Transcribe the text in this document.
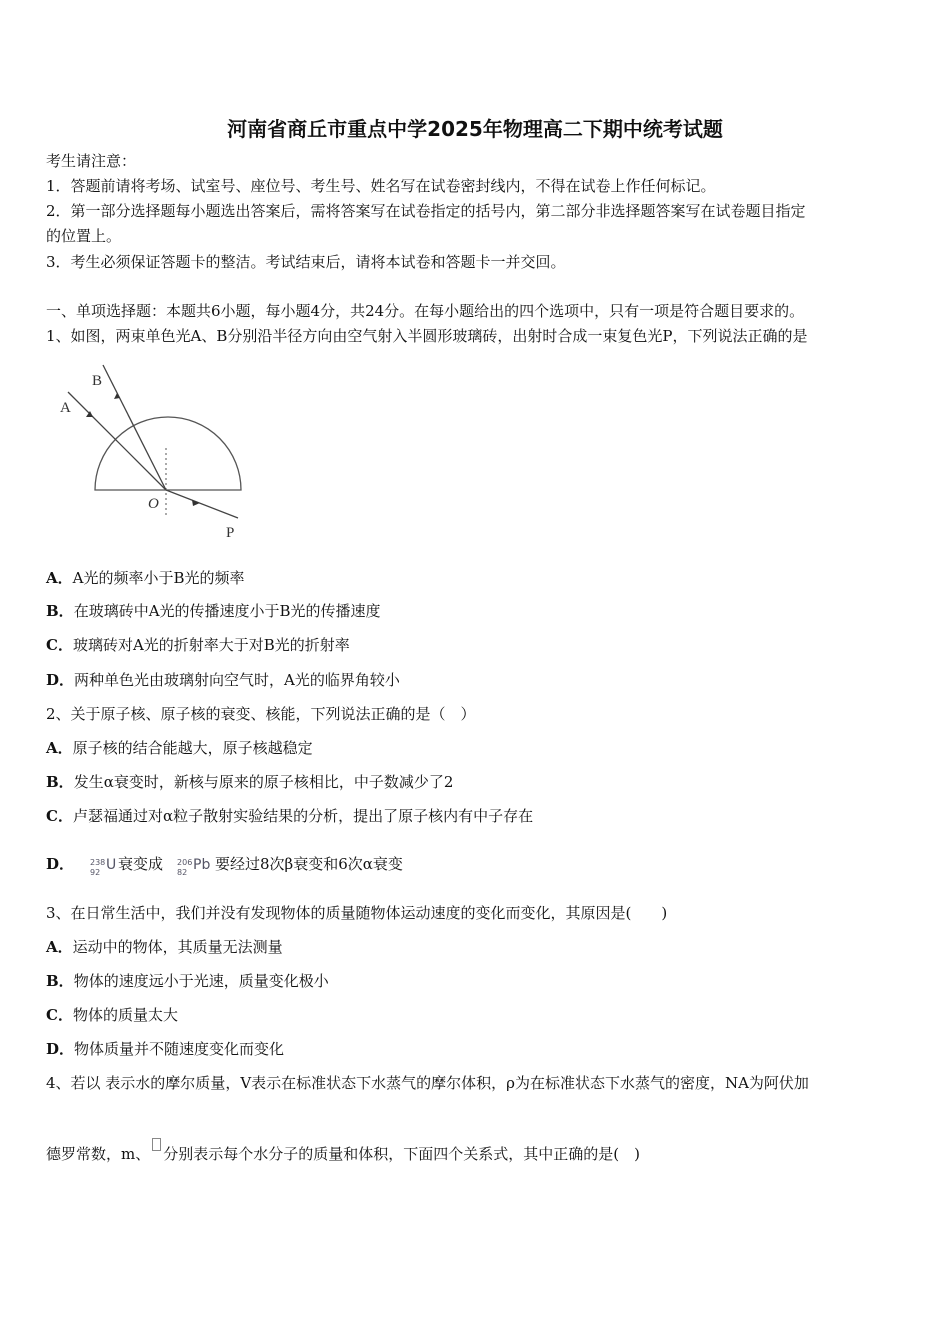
河南省商丘市重点中学2025年物理高二下期中统考试题
考生请注意：
1．答题前请将考场、试室号、座位号、考生号、姓名写在试卷密封线内，不得在试卷上作任何标记。
2．第一部分选择题每小题选出答案后，需将答案写在试卷指定的括号内，第二部分非选择题答案写在试卷题目指定
的位置上。
3．考生必须保证答题卡的整洁。考试结束后，请将本试卷和答题卡一并交回。
一、单项选择题：本题共6小题，每小题4分，共24分。在每小题给出的四个选项中，只有一项是符合题目要求的。
1、如图，两束单色光A、B分别沿半径方向由空气射入半圆形玻璃砖，出射时合成一束复色光P，下列说法正确的是
A
B
O
P
A．A光的频率小于B光的频率
B．在玻璃砖中A光的传播速度小于B光的传播速度
C．玻璃砖对A光的折射率大于对B光的折射率
D．两种单色光由玻璃射向空气时，A光的临界角较小
2、关于原子核、原子核的衰变、核能，下列说法正确的是（　）
A．原子核的结合能越大，原子核越稳定
B．发生α衰变时，新核与原来的原子核相比，中子数减少了2
C．卢瑟福通过对α粒子散射实验结果的分析，提出了原子核内有中子存在
D． 238
92 U 衰变成 206
82 Pb 要经过8次β衰变和6次α衰变
3、在日常生活中，我们并没有发现物体的质量随物体运动速度的变化而变化，其原因是(　　)
A．运动中的物体，其质量无法测量
B．物体的速度远小于光速，质量变化极小
C．物体的质量太大
D．物体质量并不随速度变化而变化
4、若以 表示水的摩尔质量，V表示在标准状态下水蒸气的摩尔体积，ρ为在标准状态下水蒸气的密度，NA为阿伏加
德罗常数，m、 分别表示每个水分子的质量和体积，下面四个关系式，其中正确的是(　)
